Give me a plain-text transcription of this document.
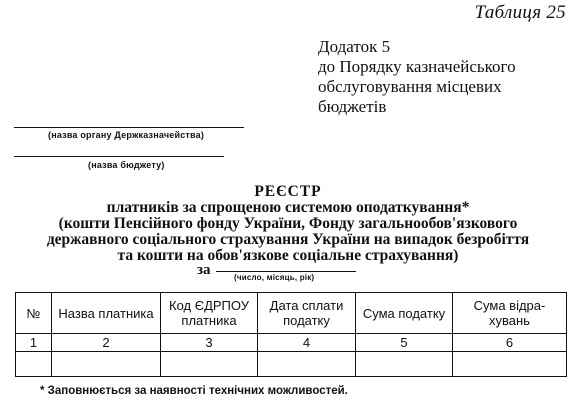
Таблиця 25
Додаток 5
до Порядку казначейського
обслуговування місцевих
бюджетів
(назва органу Держказначейства)
(назва бюджету)
РЕЄСТР
платників за спрощеною системою оподаткування*
(кошти Пенсійного фонду України, Фонду загальнообов'язкового
державного соціального страхування України на випадок безробіття
та кошти на обов'язкове соціальне страхування)
за	(число, місяць, рік)
№	Назва платника	Код ЄДРПОУ платника	Дата сплати податку	Сума податку	Сума відра-хувань
1	2	3	4	5	6

* Заповнюється за наявності технічних можливостей.
